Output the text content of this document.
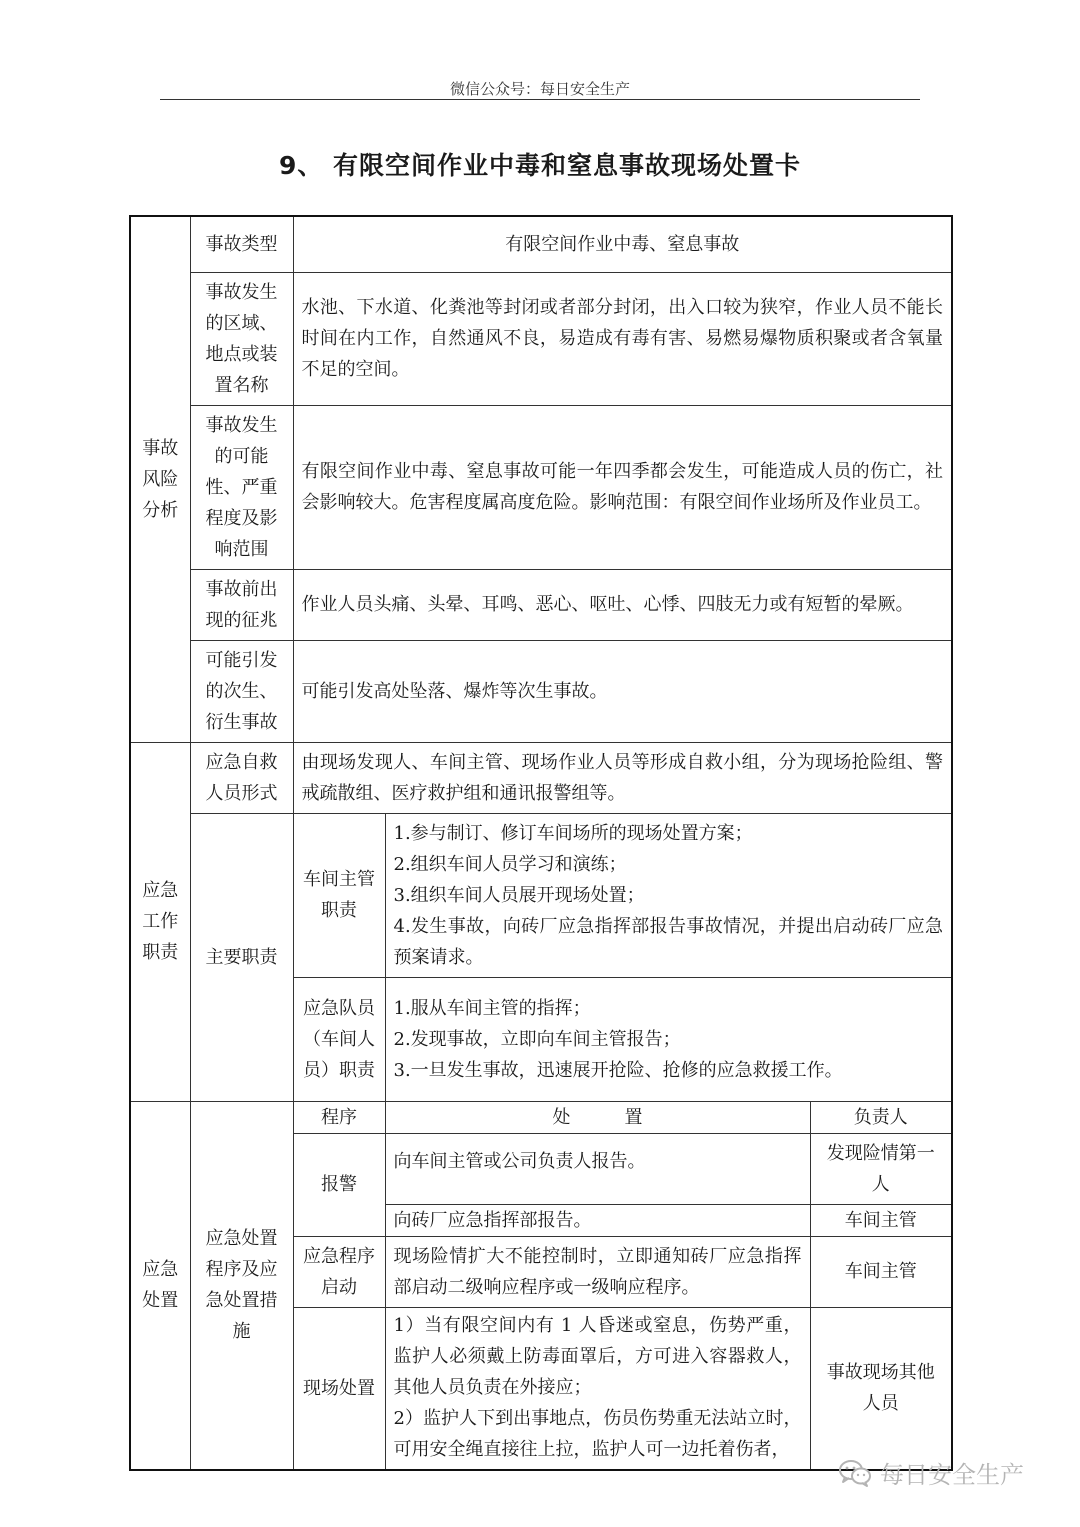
微信公众号：每日安全生产
9、 有限空间作业中毒和窒息事故现场处置卡
事故风险分析	事故类型	有限空间作业中毒、窒息事故		
	事故发生的区域、地点或装置名称	水池、下水道、化粪池等封闭或者部分封闭，出入口较为狭窄，作业人员不能长时间在内工作，自然通风不良，易造成有毒有害、易燃易爆物质积聚或者含氧量不足的空间。		
	事故发生的可能性、严重程度及影响范围	有限空间作业中毒、窒息事故可能一年四季都会发生，可能造成人员的伤亡，社会影响较大。危害程度属高度危险。影响范围：有限空间作业场所及作业员工。		
	事故前出现的征兆	作业人员头痛、头晕、耳鸣、恶心、呕吐、心悸、四肢无力或有短暂的晕厥。		
	可能引发的次生、衍生事故	可能引发高处坠落、爆炸等次生事故。		
应急工作职责	应急自救人员形式	由现场发现人、车间主管、现场作业人员等形成自救小组，分为现场抢险组、警戒疏散组、医疗救护组和通讯报警组等。		
	主要职责	车间主管职责	1.参与制订、修订车间场所的现场处置方案；
2.组织车间人员学习和演练；
3.组织车间人员展开现场处置；
4.发生事故，向砖厂应急指挥部报告事故情况，并提出启动砖厂应急预案请求。	

		应急队员（车间人员）职责	1.服从车间主管的指挥；
2.发现事故，立即向车间主管报告；
3.一旦发生事故，迅速展开抢险、抢修的应急救援工作。	

应急处置	应急处置程序及应急处置措施	程序	处　　　置	负责人
		报警	向车间主管或公司负责人报告。	发现险情第一人
			向砖厂应急指挥部报告。	车间主管
		应急程序启动	现场险情扩大不能控制时，立即通知砖厂应急指挥部启动二级响应程序或一级响应程序。	车间主管
		现场处置	1）当有限空间内有 1 人昏迷或窒息，伤势严重，监护人必须戴上防毒面罩后，方可进入容器救人，其他人员负责在外接应；
2）监护人下到出事地点，伤员伤势重无法站立时，可用安全绳直接往上拉，监护人可一边托着伤者，	事故现场其他人员
每日安全生产
